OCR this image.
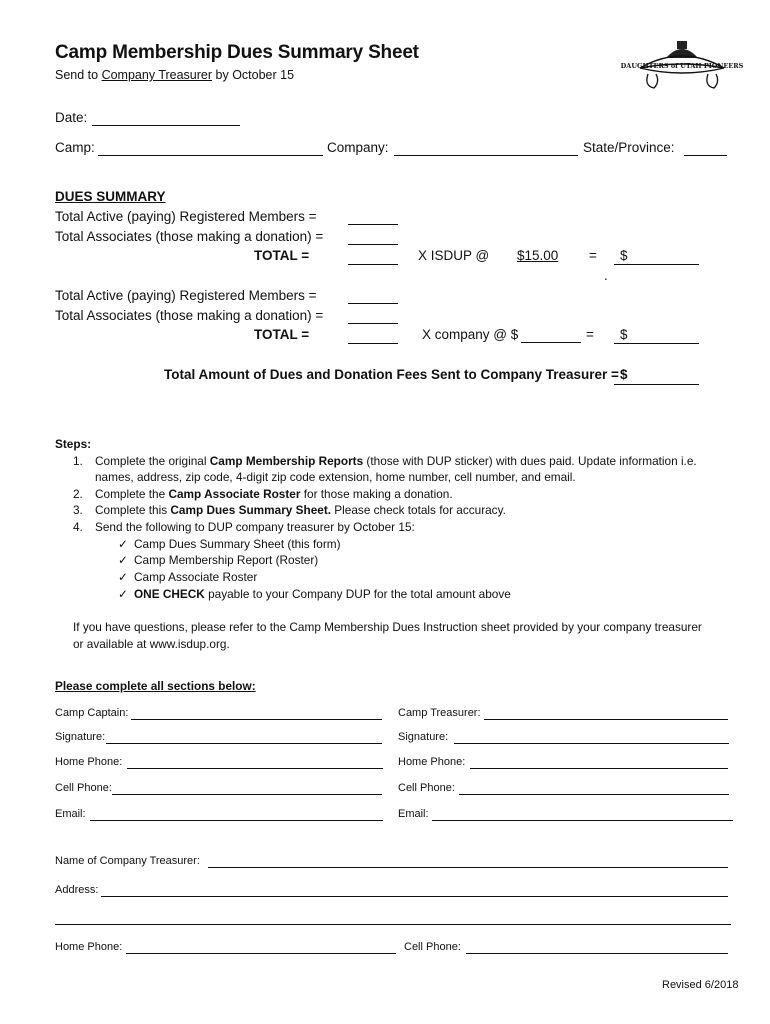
Camp Membership Dues Summary Sheet
Send to Company Treasurer by October 15
DAUGHTERS of UTAH PIONEERS
Date:
Camp:	Company:	State/Province:
DUES SUMMARY
Total Active (paying) Registered Members =
Total Associates (those making a donation) =
TOTAL =	X ISDUP @	$15.00	= $
.
Total Active (paying) Registered Members =
Total Associates (those making a donation) =
TOTAL =	X company @ $	= $
Total Amount of Dues and Donation Fees Sent to Company Treasurer = $
Steps:
1. Complete the original Camp Membership Reports (those with DUP sticker) with dues paid. Update information i.e.
names, address, zip code, 4-digit zip code extension, home number, cell number, and email.
2. Complete the Camp Associate Roster for those making a donation.
3. Complete this Camp Dues Summary Sheet. Please check totals for accuracy.
4. Send the following to DUP company treasurer by October 15:
✓ Camp Dues Summary Sheet (this form)
✓ Camp Membership Report (Roster)
✓ Camp Associate Roster
✓ ONE CHECK payable to your Company DUP for the total amount above
If you have questions, please refer to the Camp Membership Dues Instruction sheet provided by your company treasurer
or available at www.isdup.org.
Please complete all sections below:
Camp Captain:	Camp Treasurer:
Signature:	Signature:
Home Phone:	Home Phone:
Cell Phone:	Cell Phone:
Email:	Email:
Name of Company Treasurer:
Address:
Home Phone:	Cell Phone:
Revised 6/2018
